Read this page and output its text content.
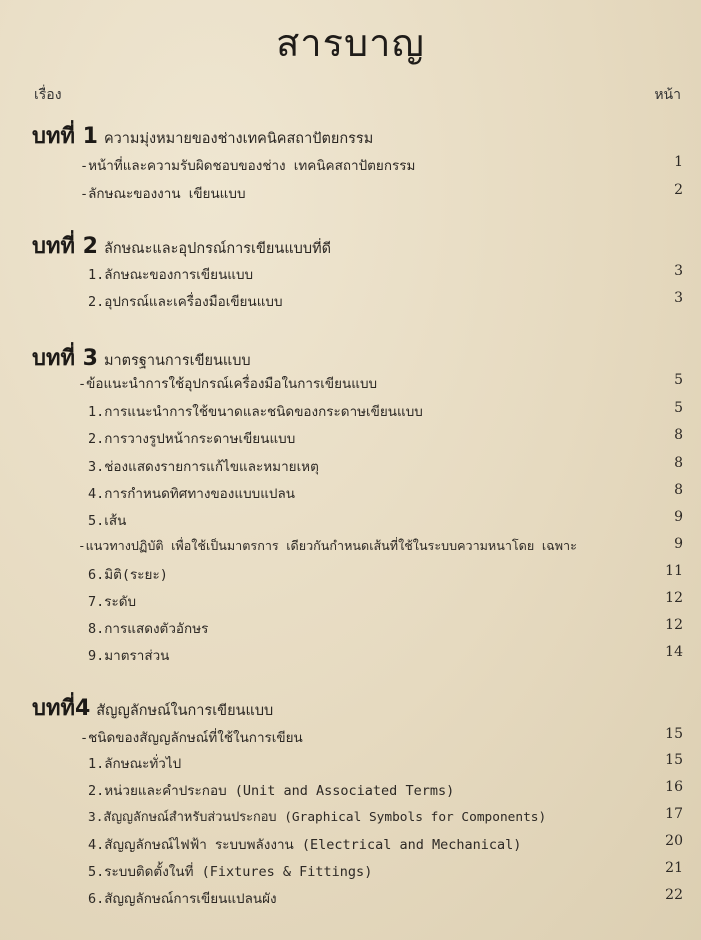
สารบาญ
เรื่อง	หน้า
บทที่ 1 ความมุ่งหมายของช่างเทคนิคสถาปัตยกรรม
-หน้าที่และความรับผิดชอบของช่าง เทคนิคสถาปัตยกรรม	1
-ลักษณะของงาน เขียนแบบ	2
บทที่ 2 ลักษณะและอุปกรณ์การเขียนแบบที่ดี
1.ลักษณะของการเขียนแบบ	3
2.อุปกรณ์และเครื่องมือเขียนแบบ	3
บทที่ 3 มาตรฐานการเขียนแบบ
-ข้อแนะนำการใช้อุปกรณ์เครื่องมือในการเขียนแบบ	5
1.การแนะนำการใช้ขนาดและชนิดของกระดาษเขียนแบบ	5
2.การวางรูปหน้ากระดาษเขียนแบบ	8
3.ช่องแสดงรายการแก้ไขและหมายเหตุ	8
4.การกำหนดทิศทางของแบบแปลน	8
5.เส้น	9
-แนวทางปฏิบัติ เพื่อใช้เป็นมาตรการ เดียวกันกำหนดเส้นที่ใช้ในระบบความหนาโดย เฉพาะ	9
6.มิติ(ระยะ)	11
7.ระดับ	12
8.การแสดงตัวอักษร	12
9.มาตราส่วน	14
บทที่4 สัญญลักษณ์ในการเขียนแบบ
-ชนิดของสัญญลักษณ์ที่ใช้ในการเขียน	15
1.ลักษณะทั่วไป	15
2.หน่วยและคำประกอบ (Unit and Associated Terms)	16
3.สัญญลักษณ์สำหรับส่วนประกอบ (Graphical Symbols for Components)	17
4.สัญญลักษณ์ไฟฟ้า ระบบพลังงาน (Electrical and Mechanical)	20
5.ระบบติดตั้งในที่ (Fixtures & Fittings)	21
6.สัญญลักษณ์การเขียนแปลนผัง	22
